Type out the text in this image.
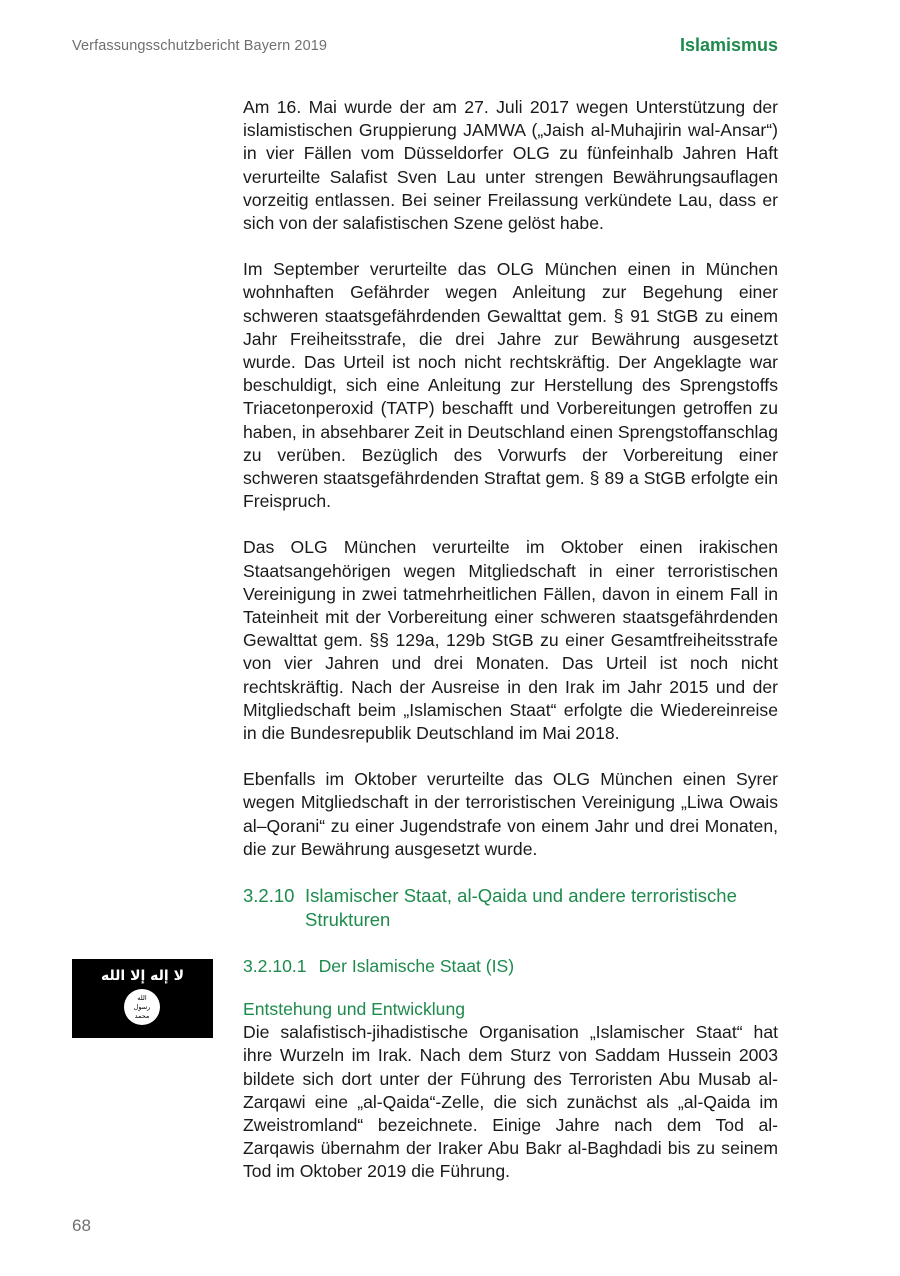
Verfassungsschutzbericht Bayern 2019	Islamismus

Am 16. Mai wurde der am 27. Juli 2017 wegen Unterstützung der islamistischen Gruppierung JAMWA („Jaish al-Muhajirin wal-Ansar“) in vier Fällen vom Düsseldorfer OLG zu fünfeinhalb Jahren Haft verurteilte Salafist Sven Lau unter strengen Bewährungsauflagen vorzeitig entlassen. Bei seiner Freilassung verkündete Lau, dass er sich von der salafistischen Szene gelöst habe.

Im September verurteilte das OLG München einen in München wohnhaften Gefährder wegen Anleitung zur Begehung einer schweren staatsgefährdenden Gewalttat gem. § 91 StGB zu einem Jahr Freiheitsstrafe, die drei Jahre zur Bewährung ausgesetzt wurde. Das Urteil ist noch nicht rechtskräftig. Der Angeklagte war beschuldigt, sich eine Anleitung zur Herstellung des Sprengstoffs Triacetonperoxid (TATP) beschafft und Vorbereitungen getroffen zu haben, in absehbarer Zeit in Deutschland einen Sprengstoffanschlag zu verüben. Bezüglich des Vorwurfs der Vorbereitung einer schweren staatsgefährdenden Straftat gem. § 89 a StGB erfolgte ein Freispruch.

Das OLG München verurteilte im Oktober einen irakischen Staatsangehörigen wegen Mitgliedschaft in einer terroristischen Vereinigung in zwei tatmehrheitlichen Fällen, davon in einem Fall in Tateinheit mit der Vorbereitung einer schweren staatsgefährdenden Gewalttat gem. §§ 129a, 129b StGB zu einer Gesamtfreiheitsstrafe von vier Jahren und drei Monaten. Das Urteil ist noch nicht rechtskräftig. Nach der Ausreise in den Irak im Jahr 2015 und der Mitgliedschaft beim „Islamischen Staat“ erfolgte die Wiedereinreise in die Bundesrepublik Deutschland im Mai 2018.

Ebenfalls im Oktober verurteilte das OLG München einen Syrer wegen Mitgliedschaft in der terroristischen Vereinigung „Liwa Owais al–Qorani“ zu einer Jugendstrafe von einem Jahr und drei Monaten, die zur Bewährung ausgesetzt wurde.

3.2.10 Islamischer Staat, al-Qaida und andere terroristische Strukturen
3.2.10.1 Der Islamische Staat (IS)
Entstehung und Entwicklung

Die salafistisch-jihadistische Organisation „Islamischer Staat“ hat ihre Wurzeln im Irak. Nach dem Sturz von Saddam Hussein 2003 bildete sich dort unter der Führung des Terroristen Abu Musab al-Zarqawi eine „al-Qaida“-Zelle, die sich zunächst als „al-Qaida im Zweistromland“ bezeichnete. Einige Jahre nach dem Tod al-Zarqawis übernahm der Iraker Abu Bakr al-Baghdadi bis zu seinem Tod im Oktober 2019 die Führung.

لا إله إلا الله
الله
رسول
محمد
68
